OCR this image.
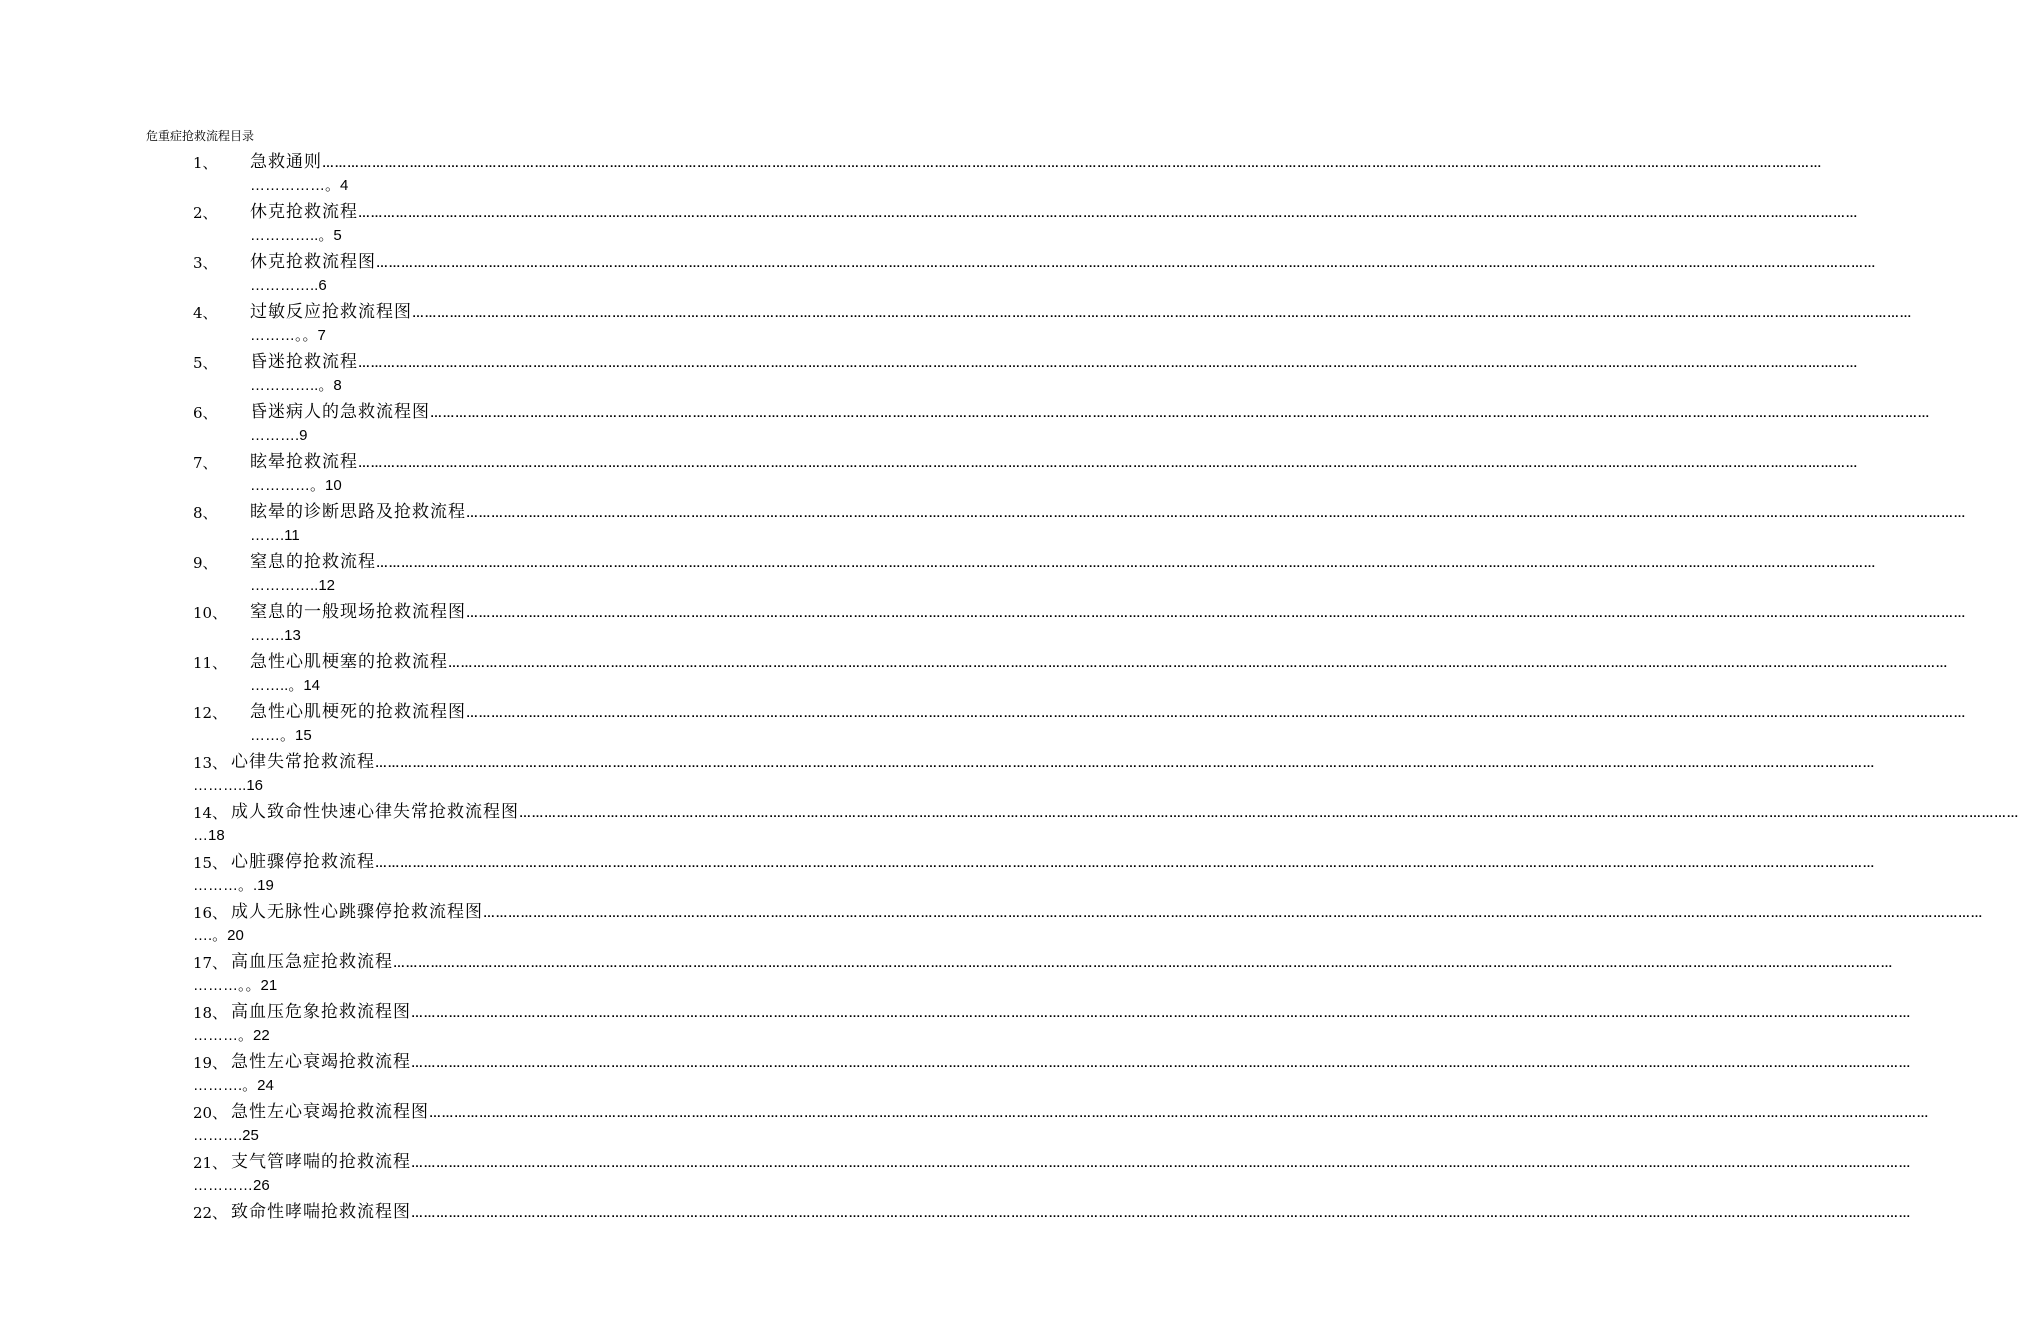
危重症抢救流程目录
1、 急救通则………………………………………………………………………………………………………………………………………………………………………………………………………………………………………………………………………………………………………………………………
……………。4
2、 休克抢救流程………………………………………………………………………………………………………………………………………………………………………………………………………………………………………………………………………………………………………………………………
…………..。5
3、 休克抢救流程图………………………………………………………………………………………………………………………………………………………………………………………………………………………………………………………………………………………………………………………………
…………..6
4、 过敏反应抢救流程图………………………………………………………………………………………………………………………………………………………………………………………………………………………………………………………………………………………………………………………………
………。。7
5、 昏迷抢救流程………………………………………………………………………………………………………………………………………………………………………………………………………………………………………………………………………………………………………………………………
…………..。8
6、 昏迷病人的急救流程图………………………………………………………………………………………………………………………………………………………………………………………………………………………………………………………………………………………………………………………………
……….9
7、 眩晕抢救流程………………………………………………………………………………………………………………………………………………………………………………………………………………………………………………………………………………………………………………………………
…………。10
8、 眩晕的诊断思路及抢救流程………………………………………………………………………………………………………………………………………………………………………………………………………………………………………………………………………………………………………………………………
…….11
9、 窒息的抢救流程………………………………………………………………………………………………………………………………………………………………………………………………………………………………………………………………………………………………………………………………
…………..12
10、 窒息的一般现场抢救流程图………………………………………………………………………………………………………………………………………………………………………………………………………………………………………………………………………………………………………………………………
…….13
11、 急性心肌梗塞的抢救流程………………………………………………………………………………………………………………………………………………………………………………………………………………………………………………………………………………………………………………………………
……..。14
12、 急性心肌梗死的抢救流程图………………………………………………………………………………………………………………………………………………………………………………………………………………………………………………………………………………………………………………………………
……。15
13、 心律失常抢救流程………………………………………………………………………………………………………………………………………………………………………………………………………………………………………………………………………………………………………………………………
………..16
14、 成人致命性快速心律失常抢救流程图………………………………………………………………………………………………………………………………………………………………………………………………………………………………………………………………………………………………………………………………
…18
15、 心脏骤停抢救流程………………………………………………………………………………………………………………………………………………………………………………………………………………………………………………………………………………………………………………………………
………。.19
16、 成人无脉性心跳骤停抢救流程图………………………………………………………………………………………………………………………………………………………………………………………………………………………………………………………………………………………………………………………………
….。20
17、 高血压急症抢救流程………………………………………………………………………………………………………………………………………………………………………………………………………………………………………………………………………………………………………………………………
………。。21
18、 高血压危象抢救流程图………………………………………………………………………………………………………………………………………………………………………………………………………………………………………………………………………………………………………………………………
………。22
19、 急性左心衰竭抢救流程………………………………………………………………………………………………………………………………………………………………………………………………………………………………………………………………………………………………………………………………
……….。24
20、 急性左心衰竭抢救流程图………………………………………………………………………………………………………………………………………………………………………………………………………………………………………………………………………………………………………………………………
……….25
21、 支气管哮喘的抢救流程………………………………………………………………………………………………………………………………………………………………………………………………………………………………………………………………………………………………………………………………
…………26
22、 致命性哮喘抢救流程图………………………………………………………………………………………………………………………………………………………………………………………………………………………………………………………………………………………………………………………………
